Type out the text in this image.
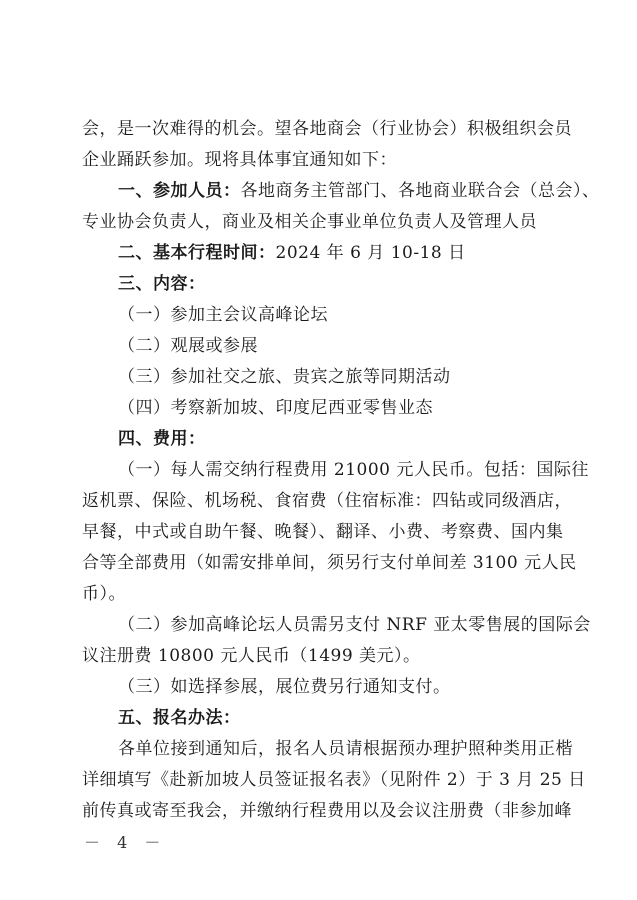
会，是一次难得的机会。望各地商会（行业协会）积极组织会员
企业踊跃参加。现将具体事宜通知如下：
一、参加人员：各地商务主管部门、各地商业联合会（总会）、
专业协会负责人，商业及相关企事业单位负责人及管理人员
二、基本行程时间：2024 年 6 月 10-18 日
三、内容：
（一）参加主会议高峰论坛
（二）观展或参展
（三）参加社交之旅、贵宾之旅等同期活动
（四）考察新加坡、印度尼西亚零售业态
四、费用：
（一）每人需交纳行程费用 21000 元人民币。包括：国际往
返机票、保险、机场税、食宿费（住宿标准：四钻或同级酒店，
早餐，中式或自助午餐、晚餐）、翻译、小费、考察费、国内集
合等全部费用（如需安排单间，须另行支付单间差 3100 元人民
币）。
（二）参加高峰论坛人员需另支付 NRF 亚太零售展的国际会
议注册费 10800 元人民币（1499 美元）。
（三）如选择参展，展位费另行通知支付。
五、报名办法：
各单位接到通知后，报名人员请根据预办理护照种类用正楷
详细填写《赴新加坡人员签证报名表》（见附件 2）于 3 月 25 日
前传真或寄至我会，并缴纳行程费用以及会议注册费（非参加峰
－ 4 －
